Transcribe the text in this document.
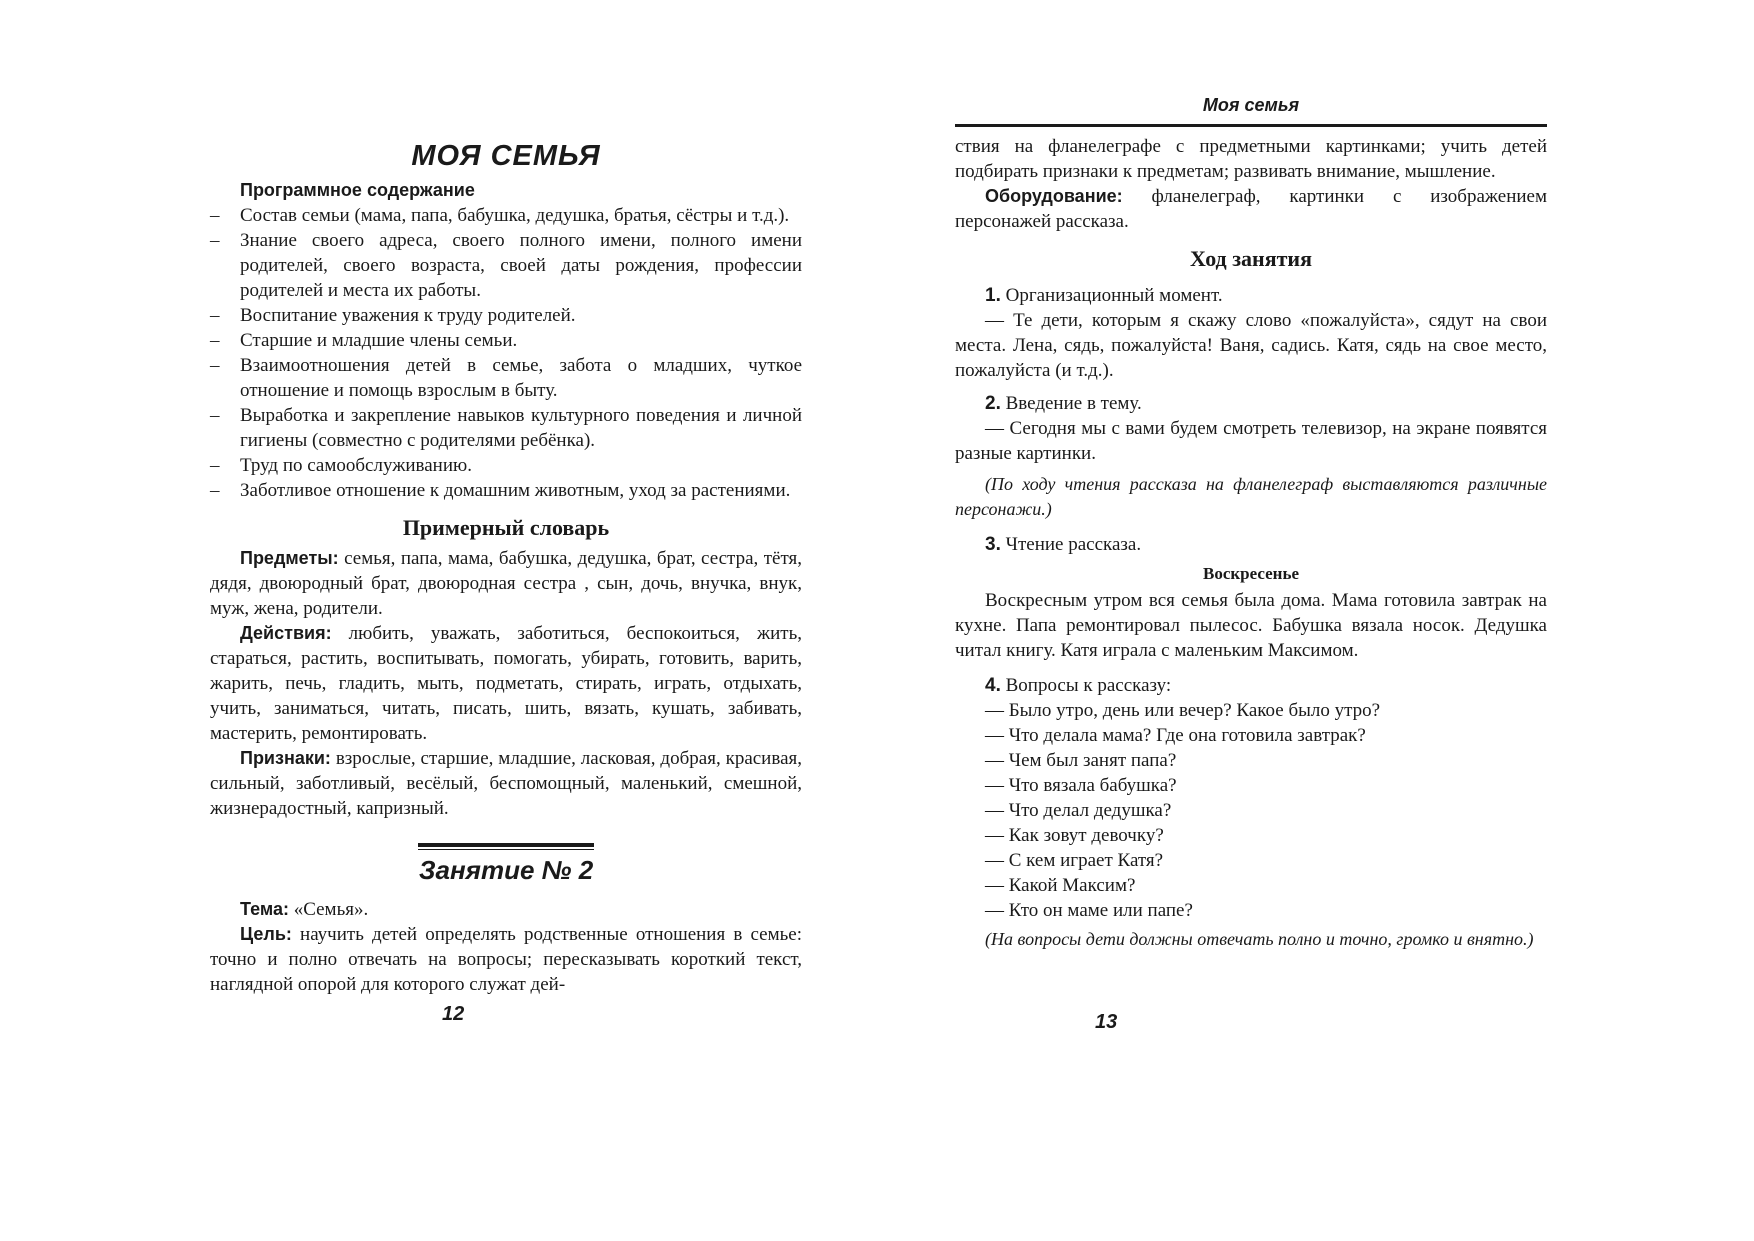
МОЯ СЕМЬЯ

Программное содержание

– Состав семьи (мама, папа, бабушка, дедушка, братья, сёстры и т.д.).
– Знание своего адреса, своего полного имени, полного имени родителей, своего возраста, своей даты рождения, профессии родителей и места их работы.
– Воспитание уважения к труду родителей.
– Старшие и младшие члены семьи.
– Взаимоотношения детей в семье, забота о младших, чуткое отношение и помощь взрослым в быту.
– Выработка и закрепление навыков культурного поведения и личной гигиены (совместно с родителями ребёнка).
– Труд по самообслуживанию.
– Заботливое отношение к домашним животным, уход за растениями.

Примерный словарь

Предметы: семья, папа, мама, бабушка, дедушка, брат, сестра, тётя, дядя, двоюродный брат, двоюродная сестра , сын, дочь, внучка, внук, муж, жена, родители.

Действия: любить, уважать, заботиться, беспокоиться, жить, стараться, растить, воспитывать, помогать, убирать, готовить, варить, жарить, печь, гладить, мыть, подметать, стирать, играть, отдыхать, учить, заниматься, читать, писать, шить, вязать, кушать, забивать, мастерить, ремонтировать.

Признаки: взрослые, старшие, младшие, ласковая, добрая, красивая, сильный, заботливый, весёлый, беспомощный, маленький, смешной, жизнерадостный, капризный.

Занятие № 2

Тема: «Семья».

Цель: научить детей определять родственные отношения в семье: точно и полно отвечать на вопросы; пересказывать короткий текст, наглядной опорой для которого служат дей-

12
Моя семья

ствия на фланелеграфе с предметными картинками; учить детей подбирать признаки к предметам; развивать внимание, мышление.

Оборудование: фланелеграф, картинки с изображением персонажей рассказа.

Ход занятия

1. Организационный момент.

— Те дети, которым я скажу слово «пожалуйста», сядут на свои места. Лена, сядь, пожалуйста! Ваня, садись. Катя, сядь на свое место, пожалуйста (и т.д.).

2. Введение в тему.

— Сегодня мы с вами будем смотреть телевизор, на экране появятся разные картинки.

(По ходу чтения рассказа на фланелеграф выставляются различные персонажи.)

3. Чтение рассказа.

Воскресенье

Воскресным утром вся семья была дома. Мама готовила завтрак на кухне. Папа ремонтировал пылесос. Бабушка вязала носок. Дедушка читал книгу. Катя играла с маленьким Максимом.

4. Вопросы к рассказу:

— Было утро, день или вечер? Какое было утро?

— Что делала мама? Где она готовила завтрак?

— Чем был занят папа?

— Что вязала бабушка?

— Что делал дедушка?

— Как зовут девочку?

— С кем играет Катя?

— Какой Максим?

— Кто он маме или папе?

(На вопросы дети должны отвечать полно и точно, громко и внятно.)

13
